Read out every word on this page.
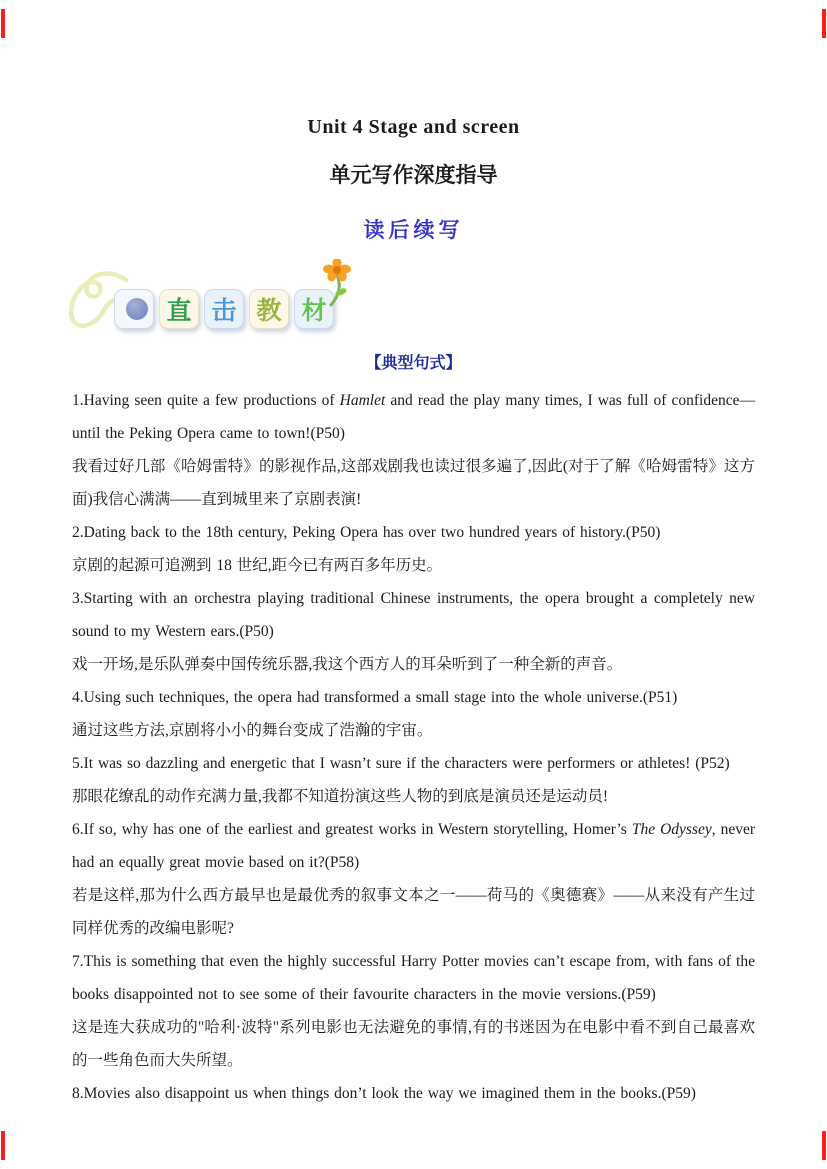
Unit 4 Stage and screen
单元写作深度指导
读后续写
直 击 教 材
【典型句式】

1.Having seen quite a few productions of Hamlet and read the play many times, I was full of confidence—until the Peking Opera came to town!(P50)

我看过好几部《哈姆雷特》的影视作品,这部戏剧我也读过很多遍了,因此(对于了解《哈姆雷特》这方面)我信心满满——直到城里来了京剧表演!

2.Dating back to the 18th century, Peking Opera has over two hundred years of history.(P50)

京剧的起源可追溯到 18 世纪,距今已有两百多年历史。

3.Starting with an orchestra playing traditional Chinese instruments, the opera brought a completely new sound to my Western ears.(P50)

戏一开场,是乐队弹奏中国传统乐器,我这个西方人的耳朵听到了一种全新的声音。

4.Using such techniques, the opera had transformed a small stage into the whole universe.(P51)

通过这些方法,京剧将小小的舞台变成了浩瀚的宇宙。

5.It was so dazzling and energetic that I wasn’t sure if the characters were performers or athletes! (P52)

那眼花缭乱的动作充满力量,我都不知道扮演这些人物的到底是演员还是运动员!

6.If so, why has one of the earliest and greatest works in Western storytelling, Homer’s The Odyssey, never had an equally great movie based on it?(P58)

若是这样,那为什么西方最早也是最优秀的叙事文本之一——荷马的《奥德赛》——从来没有产生过同样优秀的改编电影呢?

7.This is something that even the highly successful Harry Potter movies can’t escape from, with fans of the books disappointed not to see some of their favourite characters in the movie versions.(P59)

这是连大获成功的"哈利·波特"系列电影也无法避免的事情,有的书迷因为在电影中看不到自己最喜欢的一些角色而大失所望。

8.Movies also disappoint us when things don’t look the way we imagined them in the books.(P59)
